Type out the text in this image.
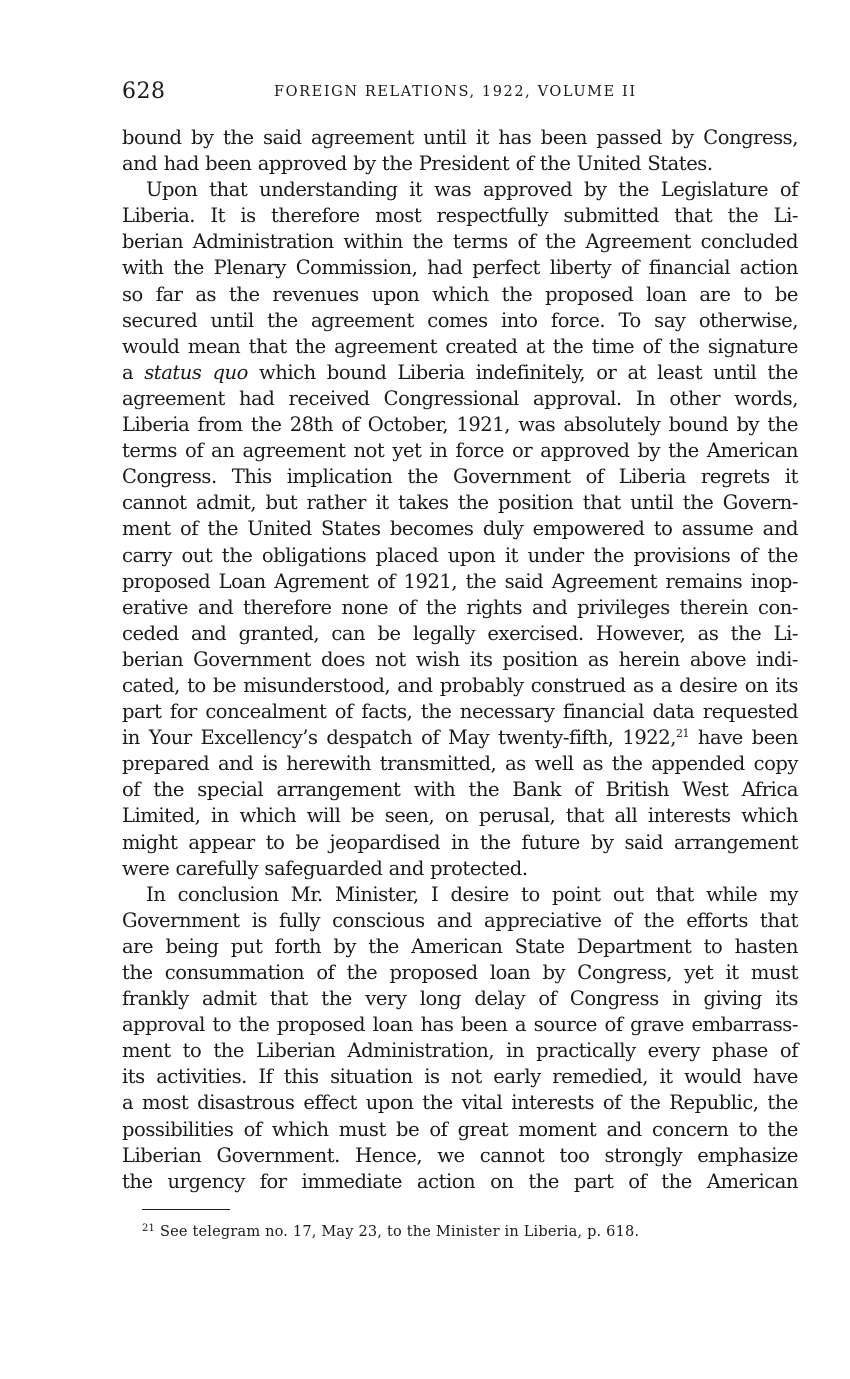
628	FOREIGN RELATIONS, 1922, VOLUME II
bound by the said agreement until it has been passed by Congress,
and had been approved by the President of the United States.
Upon that understanding it was approved by the Legislature of
Liberia. It is therefore most respectfully submitted that the Li-
berian Administration within the terms of the Agreement concluded
with the Plenary Commission, had perfect liberty of financial action
so far as the revenues upon which the proposed loan are to be
secured until the agreement comes into force. To say otherwise,
would mean that the agreement created at the time of the signature
a status quo which bound Liberia indefinitely, or at least until the
agreement had received Congressional approval. In other words,
Liberia from the 28th of October, 1921, was absolutely bound by the
terms of an agreement not yet in force or approved by the American
Congress. This implication the Government of Liberia regrets it
cannot admit, but rather it takes the position that until the Govern-
ment of the United States becomes duly empowered to assume and
carry out the obligations placed upon it under the provisions of the
proposed Loan Agrement of 1921, the said Agreement remains inop-
erative and therefore none of the rights and privileges therein con-
ceded and granted, can be legally exercised. However, as the Li-
berian Government does not wish its position as herein above indi-
cated, to be misunderstood, and probably construed as a desire on its
part for concealment of facts, the necessary financial data requested
in Your Excellency’s despatch of May twenty-fifth, 1922,21 have been
prepared and is herewith transmitted, as well as the appended copy
of the special arrangement with the Bank of British West Africa
Limited, in which will be seen, on perusal, that all interests which
might appear to be jeopardised in the future by said arrangement
were carefully safeguarded and protected.
In conclusion Mr. Minister, I desire to point out that while my
Government is fully conscious and appreciative of the efforts that
are being put forth by the American State Department to hasten
the consummation of the proposed loan by Congress, yet it must
frankly admit that the very long delay of Congress in giving its
approval to the proposed loan has been a source of grave embarrass-
ment to the Liberian Administration, in practically every phase of
its activities. If this situation is not early remedied, it would have
a most disastrous effect upon the vital interests of the Republic, the
possibilities of which must be of great moment and concern to the
Liberian Government. Hence, we cannot too strongly emphasize
the urgency for immediate action on the part of the American
$^{21}$ See telegram no. 17, May 23, to the Minister in Liberia, p. 618.
